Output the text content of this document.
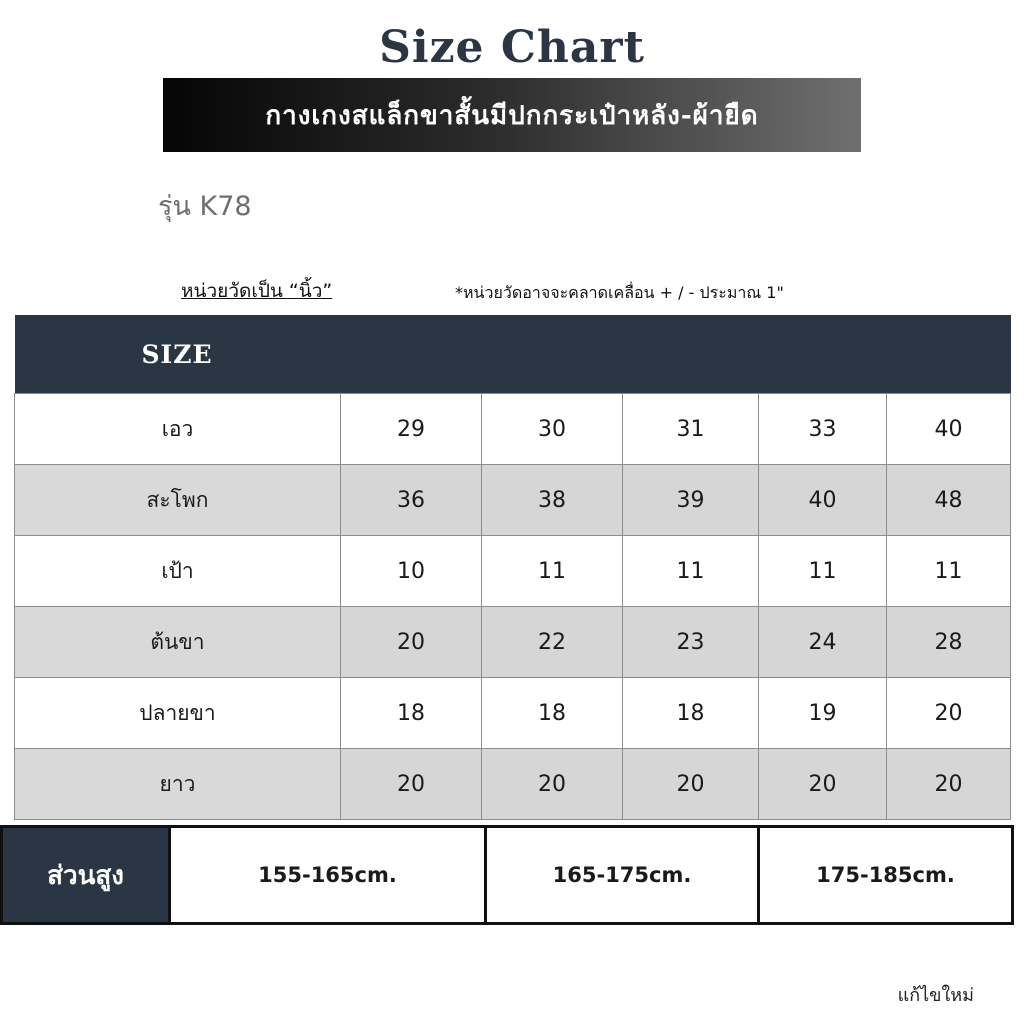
Size Chart
กางเกงสแล็กขาสั้นมีปกกระเป๋าหลัง-ผ้ายืด
รุ่น K78
หน่วยวัดเป็น “นิ้ว”	*หน่วยวัดอาจจะคลาดเคลื่อน + / - ประมาณ 1"
SIZE					
เอว	29	30	31	33	40
สะโพก	36	38	39	40	48
เป้า	10	11	11	11	11
ต้นขา	20	22	23	24	28
ปลายขา	18	18	18	19	20
ยาว	20	20	20	20	20
ส่วนสูง	155-165cm.	165-175cm.	175-185cm.
แก้ไขใหม่
